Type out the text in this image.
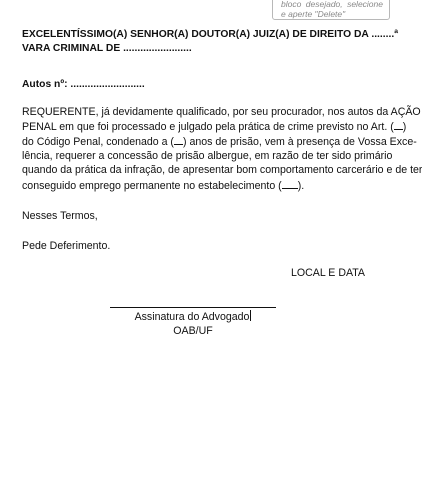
bloco desejado, selecione e aperte "Delete"

EXCELENTÍSSIMO(A) SENHOR(A) DOUTOR(A) JUIZ(A) DE DIREITO DA ........ª
VARA CRIMINAL DE ........................

Autos nº: ..........................

REQUERENTE, já devidamente qualificado, por seu procurador, nos autos da AÇÃO
PENAL em que foi processado e julgado pela prática de crime previsto no Art. ( )
do Código Penal, condenado a ( ) anos de prisão, vem à presença de Vossa Exce-
lência, requerer a concessão de prisão albergue, em razão de ter sido primário
quando da prática da infração, de apresentar bom comportamento carcerário e de ter
conseguido emprego permanente no estabelecimento ( ).

Nesses Termos,

Pede Deferimento.

LOCAL E DATA

Assinatura do Advogado
OAB/UF
